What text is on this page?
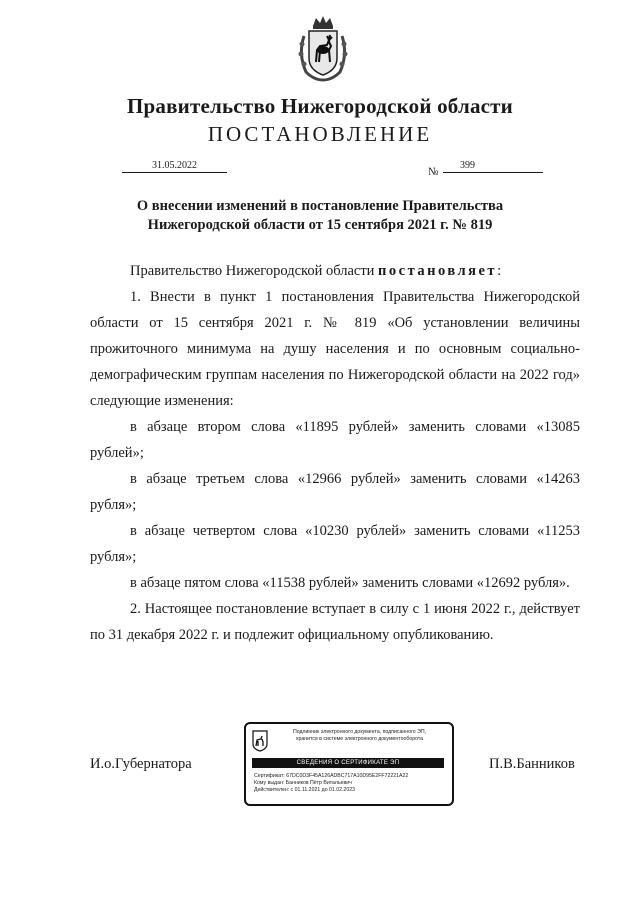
Правительство Нижегородской области
ПОСТАНОВЛЕНИЕ
31.05.2022
№
399
О внесении изменений в постановление Правительства
Нижегородской области от 15 сентября 2021 г. № 819

Правительство Нижегородской области постановляет:

1. Внести в пункт 1 постановления Правительства Нижегородской области от 15 сентября 2021 г. № 819 «Об установлении величины прожиточного минимума на душу населения и по основным социально-демографическим группам населения по Нижегородской области на 2022 год» следующие изменения:

в абзаце втором слова «11895 рублей» заменить словами «13085 рублей»;

в абзаце третьем слова «12966 рублей» заменить словами «14263 рубля»;

в абзаце четвертом слова «10230 рублей» заменить словами «11253 рубля»;

в абзаце пятом слова «11538 рублей» заменить словами «12692 рубля».

2. Настоящее постановление вступает в силу с 1 июня 2022 г., действует по 31 декабря 2022 г. и подлежит официальному опубликованию.

И.о.Губернатора	П.В.Банников
Подлинник электронного документа, подписанного ЭП,
хранится в системе электронного документооборота
СВЕДЕНИЯ О СЕРТИФИКАТЕ ЭП
Сертификат: 67DC0D3F45A126ADBC717A10D95E2FF72221A22
Кому выдан: Банников Пётр Витальевич
Действителен: с 01.11.2021 до 01.02.2023
